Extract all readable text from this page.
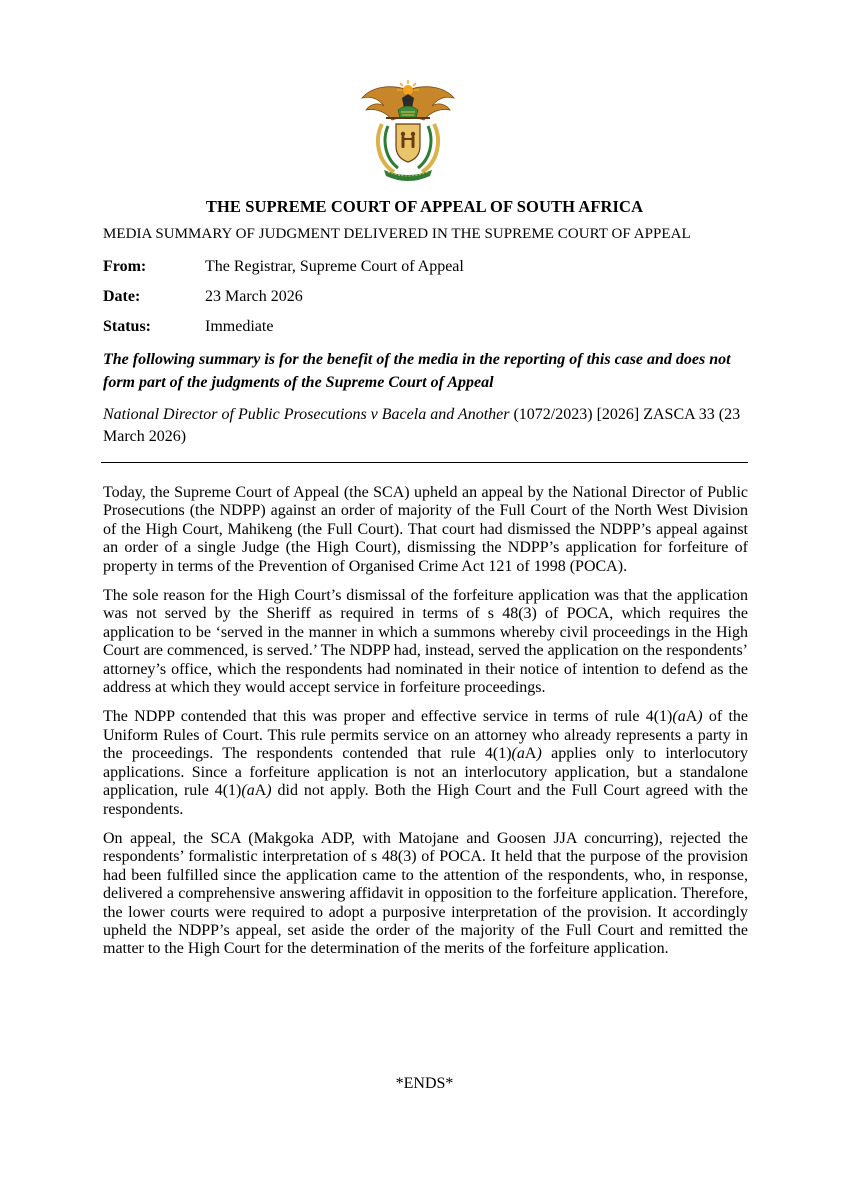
THE SUPREME COURT OF APPEAL OF SOUTH AFRICA
MEDIA SUMMARY OF JUDGMENT DELIVERED IN THE SUPREME COURT OF APPEAL
From:	The Registrar, Supreme Court of Appeal
Date:	23 March 2026
Status:	Immediate
The following summary is for the benefit of the media in the reporting of this case and does not form part of the judgments of the Supreme Court of Appeal
National Director of Public Prosecutions v Bacela and Another (1072/2023) [2026] ZASCA 33 (23 March 2026)

Today, the Supreme Court of Appeal (the SCA) upheld an appeal by the National Director of Public Prosecutions (the NDPP) against an order of majority of the Full Court of the North West Division of the High Court, Mahikeng (the Full Court). That court had dismissed the NDPP’s appeal against an order of a single Judge (the High Court), dismissing the NDPP’s application for forfeiture of property in terms of the Prevention of Organised Crime Act 121 of 1998 (POCA).

The sole reason for the High Court’s dismissal of the forfeiture application was that the application was not served by the Sheriff as required in terms of s 48(3) of POCA, which requires the application to be ‘served in the manner in which a summons whereby civil proceedings in the High Court are commenced, is served.’ The NDPP had, instead, served the application on the respondents’ attorney’s office, which the respondents had nominated in their notice of intention to defend as the address at which they would accept service in forfeiture proceedings.

The NDPP contended that this was proper and effective service in terms of rule 4(1)(aA) of the Uniform Rules of Court. This rule permits service on an attorney who already represents a party in the proceedings. The respondents contended that rule 4(1)(aA) applies only to interlocutory applications. Since a forfeiture application is not an interlocutory application, but a standalone application, rule 4(1)(aA) did not apply. Both the High Court and the Full Court agreed with the respondents.

On appeal, the SCA (Makgoka ADP, with Matojane and Goosen JJA concurring), rejected the respondents’ formalistic interpretation of s 48(3) of POCA. It held that the purpose of the provision had been fulfilled since the application came to the attention of the respondents, who, in response, delivered a comprehensive answering affidavit in opposition to the forfeiture application. Therefore, the lower courts were required to adopt a purposive interpretation of the provision. It accordingly upheld the NDPP’s appeal, set aside the order of the majority of the Full Court and remitted the matter to the High Court for the determination of the merits of the forfeiture application.

*ENDS*
